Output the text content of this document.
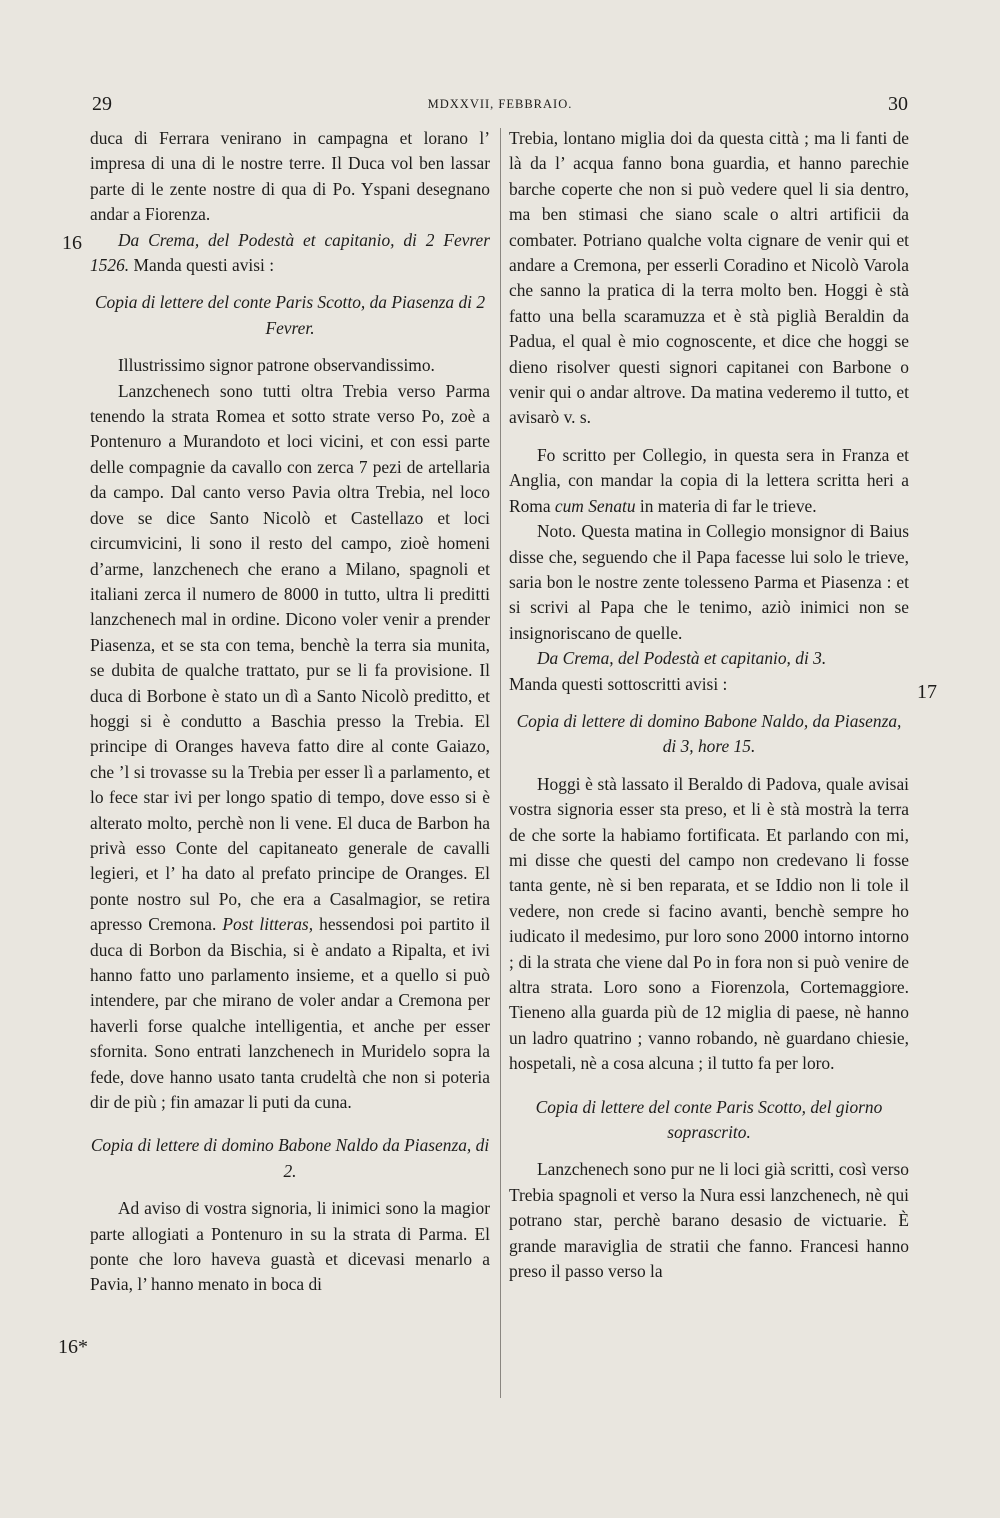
29	MDXXVII, FEBBRAIO.	30
16
17
16*

duca di Ferrara venirano in campagna et lorano l’ impresa di una di le nostre terre. Il Duca vol ben lassar parte di le zente nostre di qua di Po. Yspani desegnano andar a Fiorenza.

Da Crema, del Podestà et capitanio, di 2 Fevrer 1526. Manda questi avisi :

Copia di lettere del conte Paris Scotto, da Piasenza di 2 Fevrer.

Illustrissimo signor patrone observandissimo.

Lanzchenech sono tutti oltra Trebia verso Parma tenendo la strata Romea et sotto strate verso Po, zoè a Pontenuro a Murandoto et loci vicini, et con essi parte delle compagnie da cavallo con zerca 7 pezi de artellaria da campo. Dal canto verso Pavia oltra Trebia, nel loco dove se dice Santo Nicolò et Castellazo et loci circumvicini, li sono il resto del campo, zioè homeni d’arme, lanzchenech che erano a Milano, spagnoli et italiani zerca il numero de 8000 in tutto, ultra li preditti lanzchenech mal in ordine. Dicono voler venir a prender Piasenza, et se sta con tema, benchè la terra sia munita, se dubita de qualche trattato, pur se li fa provisione. Il duca di Borbone è stato un dì a Santo Nicolò preditto, et hoggi si è condutto a Baschia presso la Trebia. El principe di Oranges haveva fatto dire al conte Gaiazo, che ’l si trovasse su la Trebia per esser lì a parlamento, et lo fece star ivi per longo spatio di tempo, dove esso si è alterato molto, perchè non li vene. El duca de Barbon ha privà esso Conte del capitaneato generale de cavalli legieri, et l’ ha dato al prefato principe de Oranges. El ponte nostro sul Po, che era a Casalmagior, se retira apresso Cremona. Post litteras, hessendosi poi partito il duca di Borbon da Bischia, si è andato a Ripalta, et ivi hanno fatto uno parlamento insieme, et a quello si può intendere, par che mirano de voler andar a Cremona per haverli forse qualche intelligentia, et anche per esser sfornita. Sono entrati lanzchenech in Muridelo sopra la fede, dove hanno usato tanta crudeltà che non si poteria dir de più ; fin amazar li puti da cuna.

Copia di lettere di domino Babone Naldo da Piasenza, di 2.

Ad aviso di vostra signoria, li inimici sono la magior parte allogiati a Pontenuro in su la strata di Parma. El ponte che loro haveva guastà et dicevasi menarlo a Pavia, l’ hanno menato in boca di

Trebia, lontano miglia doi da questa città ; ma li fanti de là da l’ acqua fanno bona guardia, et hanno parechie barche coperte che non si può vedere quel li sia dentro, ma ben stimasi che siano scale o altri artificii da combater. Potriano qualche volta cignare de venir qui et andare a Cremona, per esserli Coradino et Nicolò Varola che sanno la pratica di la terra molto ben. Hoggi è stà fatto una bella scaramuzza et è stà piglià Beraldin da Padua, el qual è mio cognoscente, et dice che hoggi se dieno risolver questi signori capitanei con Barbone o venir qui o andar altrove. Da matina vederemo il tutto, et avisarò v. s.

Fo scritto per Collegio, in questa sera in Franza et Anglia, con mandar la copia di la lettera scritta heri a Roma cum Senatu in materia di far le trieve.

Noto. Questa matina in Collegio monsignor di Baius disse che, seguendo che il Papa facesse lui solo le trieve, saria bon le nostre zente tolesseno Parma et Piasenza : et si scrivi al Papa che le tenimo, aziò inimici non se insignoriscano de quelle.

Da Crema, del Podestà et capitanio, di 3.

Manda questi sottoscritti avisi :

Copia di lettere di domino Babone Naldo, da Piasenza, di 3, hore 15.

Hoggi è stà lassato il Beraldo di Padova, quale avisai vostra signoria esser sta preso, et li è stà mostrà la terra de che sorte la habiamo fortificata. Et parlando con mi, mi disse che questi del campo non credevano li fosse tanta gente, nè si ben reparata, et se Iddio non li tole il vedere, non crede si facino avanti, benchè sempre ho iudicato il medesimo, pur loro sono 2000 intorno intorno ; di la strata che viene dal Po in fora non si può venire de altra strata. Loro sono a Fiorenzola, Cortemaggiore. Tieneno alla guarda più de 12 miglia di paese, nè hanno un ladro quatrino ; vanno robando, nè guardano chiesie, hospetali, nè a cosa alcuna ; il tutto fa per loro.

Copia di lettere del conte Paris Scotto, del giorno soprascrito.

Lanzchenech sono pur ne li loci già scritti, così verso Trebia spagnoli et verso la Nura essi lanzchenech, nè qui potrano star, perchè barano desasio de victuarie. È grande maraviglia de stratii che fanno. Francesi hanno preso il passo verso la
